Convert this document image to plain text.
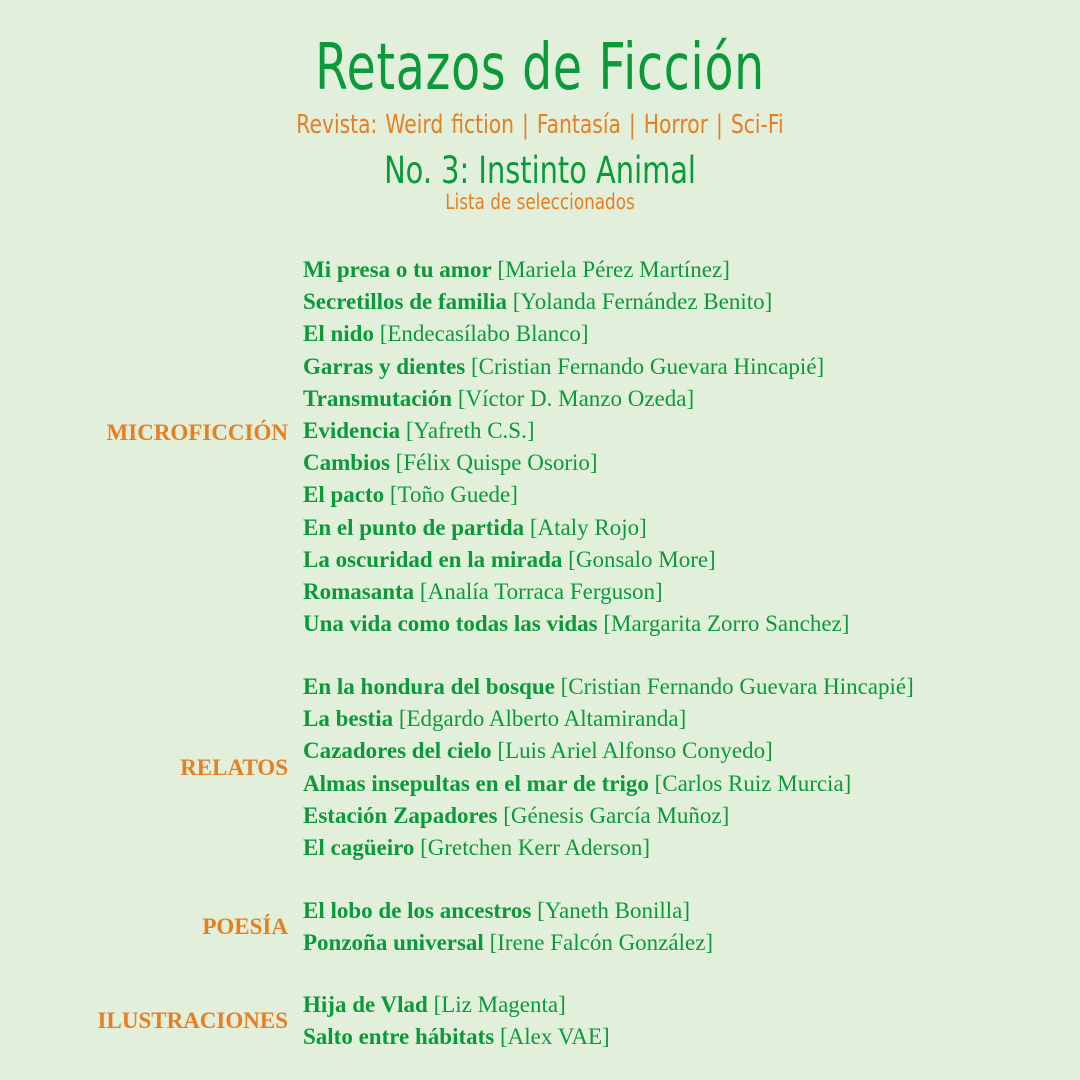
Retazos de Ficción
Revista: Weird fiction | Fantasía | Horror | Sci-Fi
No. 3: Instinto Animal
Lista de seleccionados
MICROFICCIÓN
Mi presa o tu amor [Mariela Pérez Martínez]
Secretillos de familia [Yolanda Fernández Benito]
El nido [Endecasílabo Blanco]
Garras y dientes [Cristian Fernando Guevara Hincapié]
Transmutación [Víctor D. Manzo Ozeda]
Evidencia [Yafreth C.S.]
Cambios [Félix Quispe Osorio]
El pacto [Toño Guede]
En el punto de partida [Ataly Rojo]
La oscuridad en la mirada [Gonsalo More]
Romasanta [Analía Torraca Ferguson]
Una vida como todas las vidas [Margarita Zorro Sanchez]
RELATOS
En la hondura del bosque [Cristian Fernando Guevara Hincapié]
La bestia [Edgardo Alberto Altamiranda]
Cazadores del cielo [Luis Ariel Alfonso Conyedo]
Almas insepultas en el mar de trigo [Carlos Ruiz Murcia]
Estación Zapadores [Génesis García Muñoz]
El cagüeiro [Gretchen Kerr Aderson]
POESÍA
El lobo de los ancestros [Yaneth Bonilla]
Ponzoña universal [Irene Falcón González]
ILUSTRACIONES
Hija de Vlad [Liz Magenta]
Salto entre hábitats [Alex VAE]
